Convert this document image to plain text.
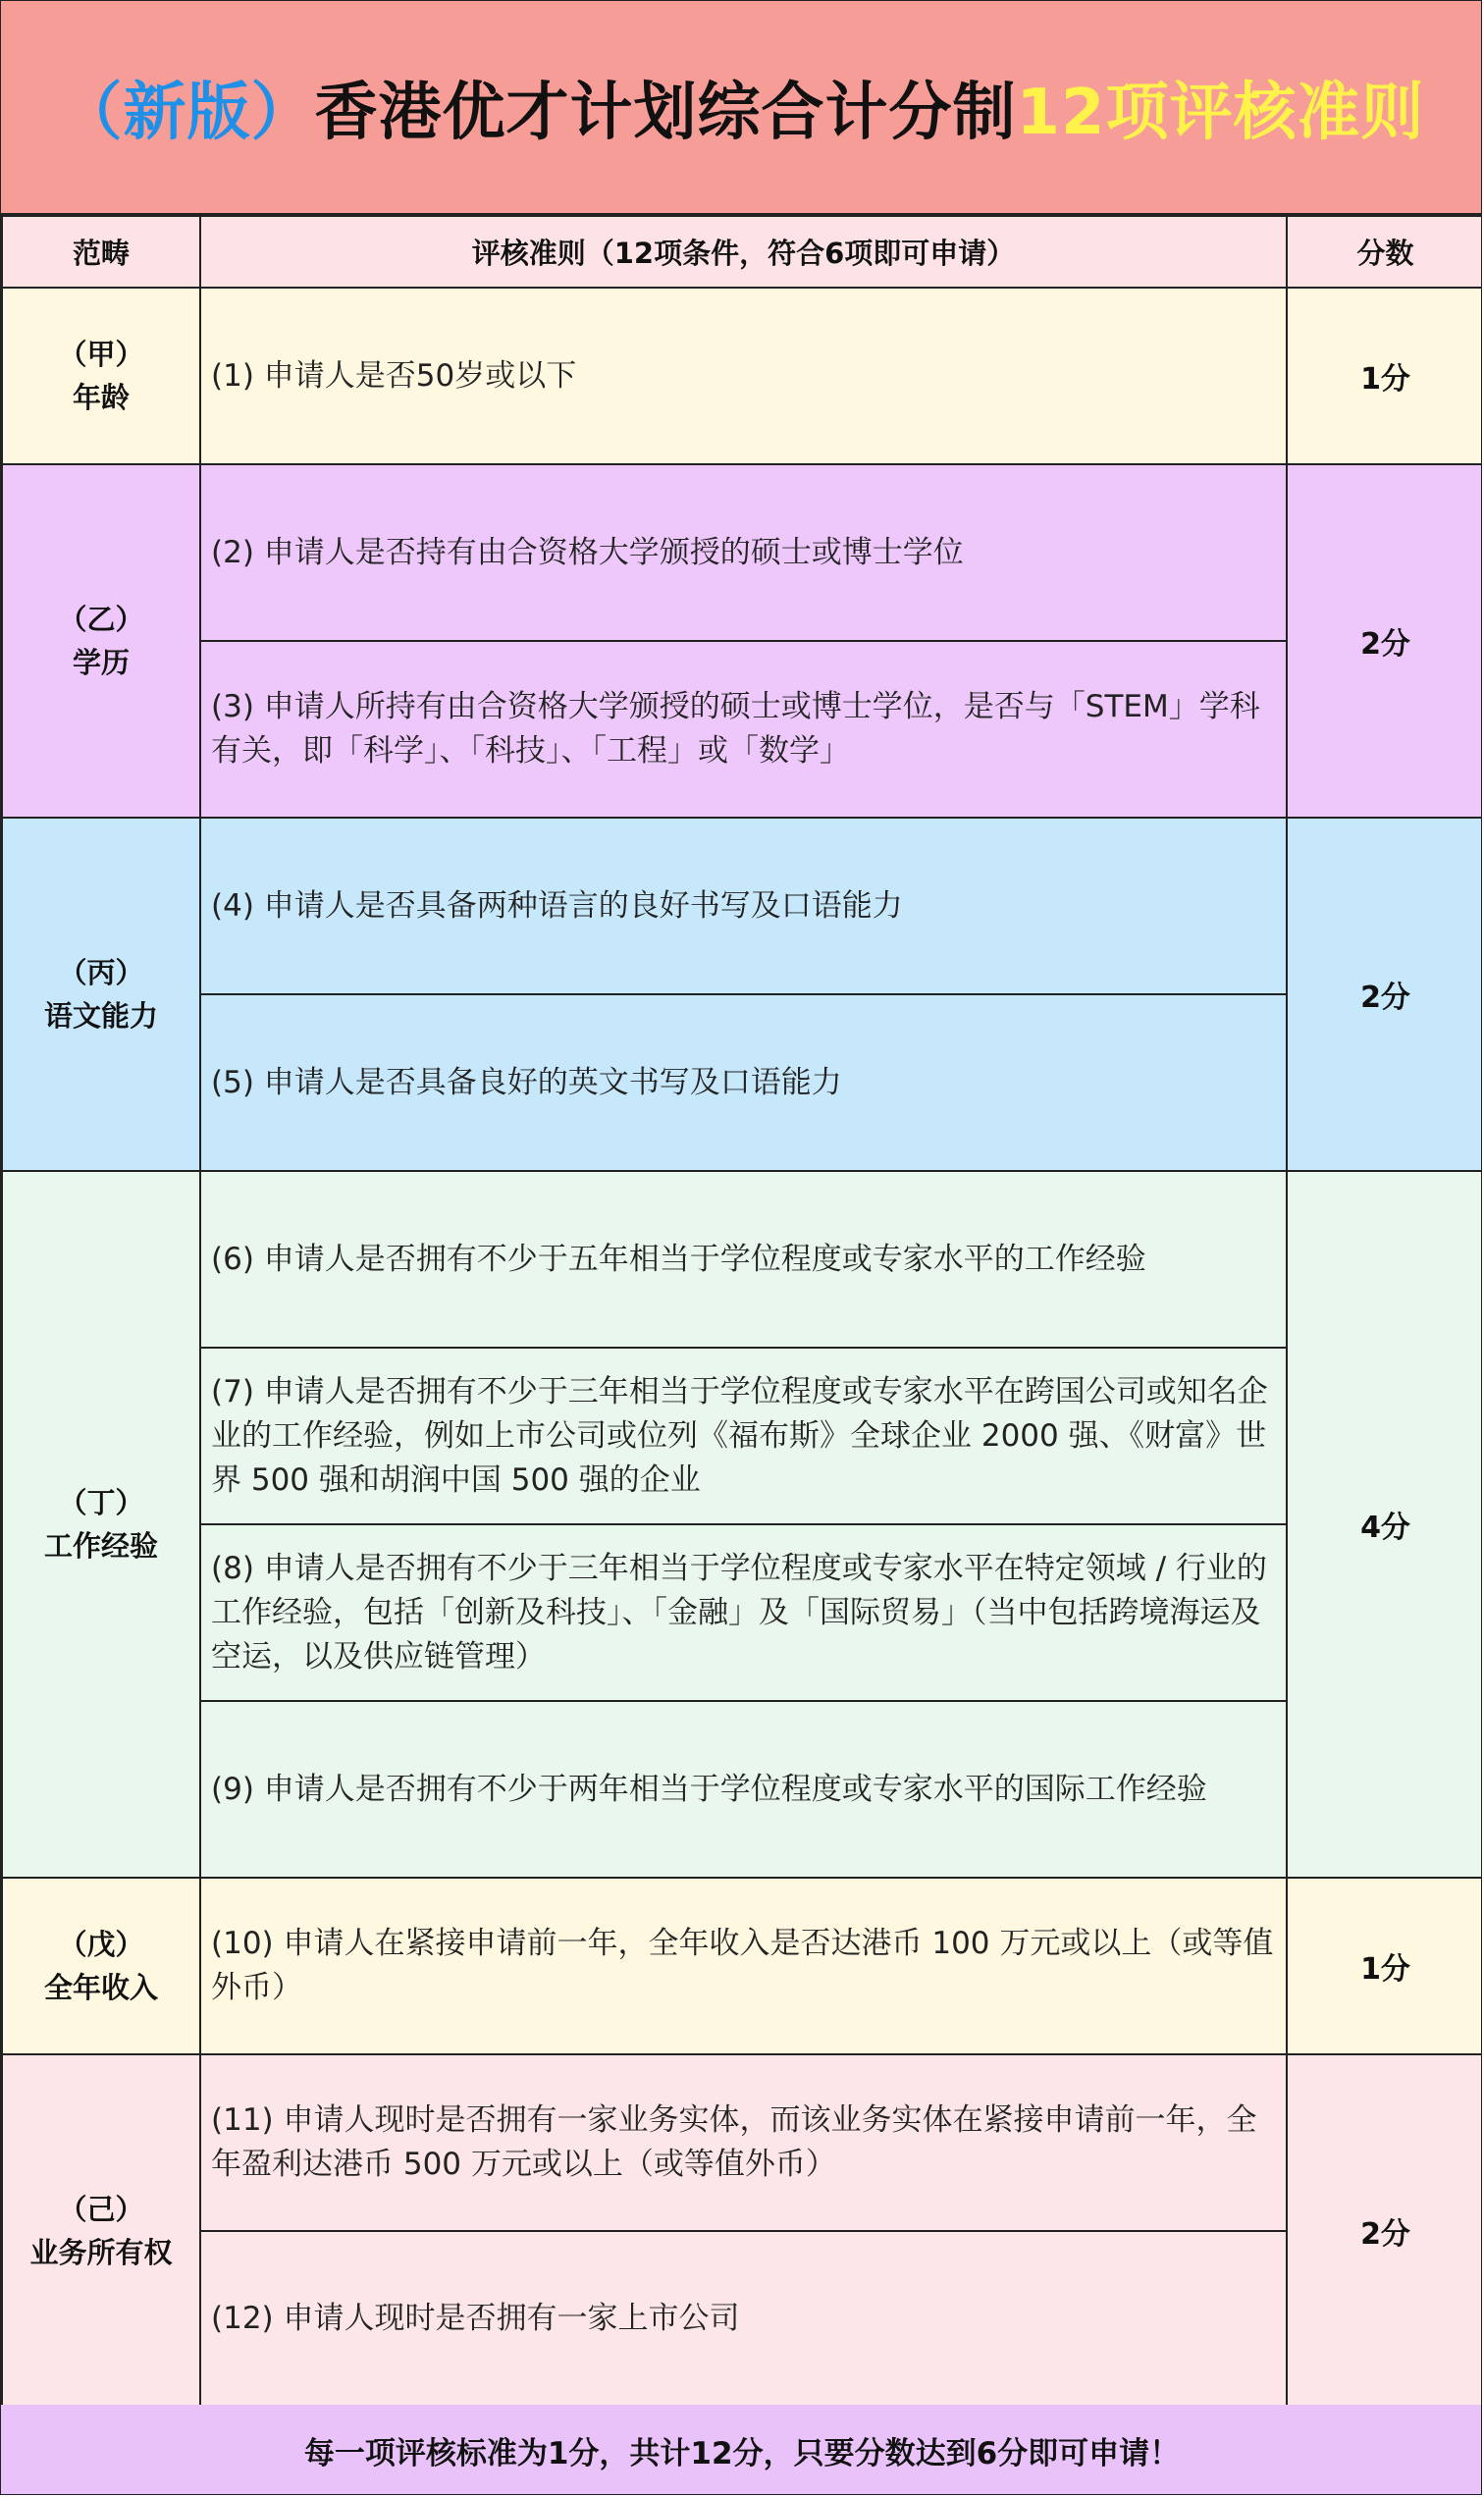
（新版） 香港优才计划综合计分制 12项评核准则
范畴	评核准则（12项条件，符合6项即可申请）	分数

（甲）
年龄	(1) 申请人是否50岁或以下	1分

（乙）
学历	(2) 申请人是否持有由合资格大学颁授的硕士或博士学位	2分
	(3) 申请人所持有由合资格大学颁授的硕士或博士学位，是否与「STEM」学科有关，即「科学」、「科技」、「工程」或「数学」	

（丙）
语文能力	(4) 申请人是否具备两种语言的良好书写及口语能力	2分
	(5) 申请人是否具备良好的英文书写及口语能力	

（丁）
工作经验	(6) 申请人是否拥有不少于五年相当于学位程度或专家水平的工作经验	4分
	(7) 申请人是否拥有不少于三年相当于学位程度或专家水平在跨国公司或知名企业的工作经验，例如上市公司或位列《福布斯》全球企业 2000 强、《财富》世界 500 强和胡润中国 500 强的企业	
	(8) 申请人是否拥有不少于三年相当于学位程度或专家水平在特定领域 / 行业的工作经验，包括「创新及科技」、「金融」及「国际贸易」（当中包括跨境海运及空运，以及供应链管理）	
	(9) 申请人是否拥有不少于两年相当于学位程度或专家水平的国际工作经验	

（戊）
全年收入	(10) 申请人在紧接申请前一年，全年收入是否达港币 100 万元或以上（或等值外币）	1分

（己）
业务所有权	(11) 申请人现时是否拥有一家业务实体，而该业务实体在紧接申请前一年，全年盈利达港币 500 万元或以上（或等值外币）	2分
	(12) 申请人现时是否拥有一家上市公司	
每一项评核标准为1分，共计12分，只要分数达到6分即可申请！
